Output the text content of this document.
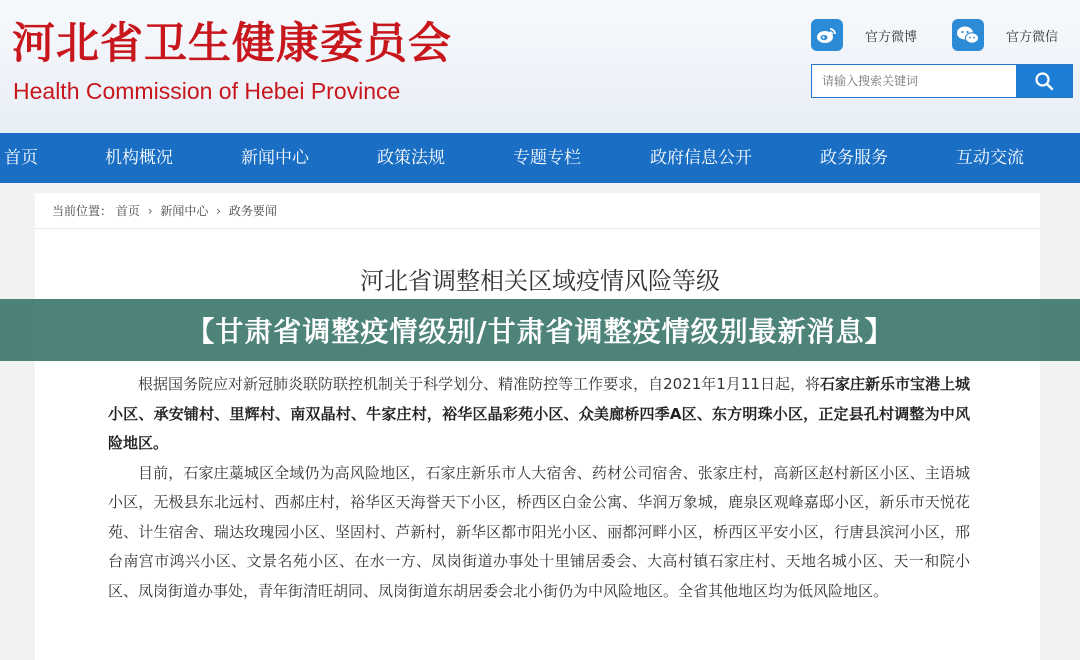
河北省卫生健康委员会
Health Commission of Hebei Province
官方微博	官方微信
请输入搜索关键词
首页	机构概况	新闻中心	政策法规	专题专栏	政府信息公开	政务服务	互动交流
当前位置： 首页 › 新闻中心 › 政务要闻
河北省调整相关区域疫情风险等级
【甘肃省调整疫情级别/甘肃省调整疫情级别最新消息】

根据国务院应对新冠肺炎联防联控机制关于科学划分、精准防控等工作要求，自2021年1月11日起，将石家庄新乐市宝港上城小区、承安铺村、里辉村、南双晶村、牛家庄村，裕华区晶彩苑小区、众美廊桥四季A区、东方明珠小区，正定县孔村调整为中风险地区。

目前，石家庄藁城区全域仍为高风险地区，石家庄新乐市人大宿舍、药材公司宿舍、张家庄村，高新区赵村新区小区、主语城小区，无极县东北远村、西郝庄村，裕华区天海誉天下小区，桥西区白金公寓、华润万象城，鹿泉区观峰嘉邸小区，新乐市天悦花苑、计生宿舍、瑞达玫瑰园小区、坚固村、芦新村，新华区都市阳光小区、丽都河畔小区，桥西区平安小区，行唐县滨河小区，邢台南宫市鸿兴小区、文景名苑小区、在水一方、凤岗街道办事处十里铺居委会、大高村镇石家庄村、天地名城小区、天一和院小区、凤岗街道办事处，青年街清旺胡同、凤岗街道东胡居委会北小街仍为中风险地区。全省其他地区均为低风险地区。
